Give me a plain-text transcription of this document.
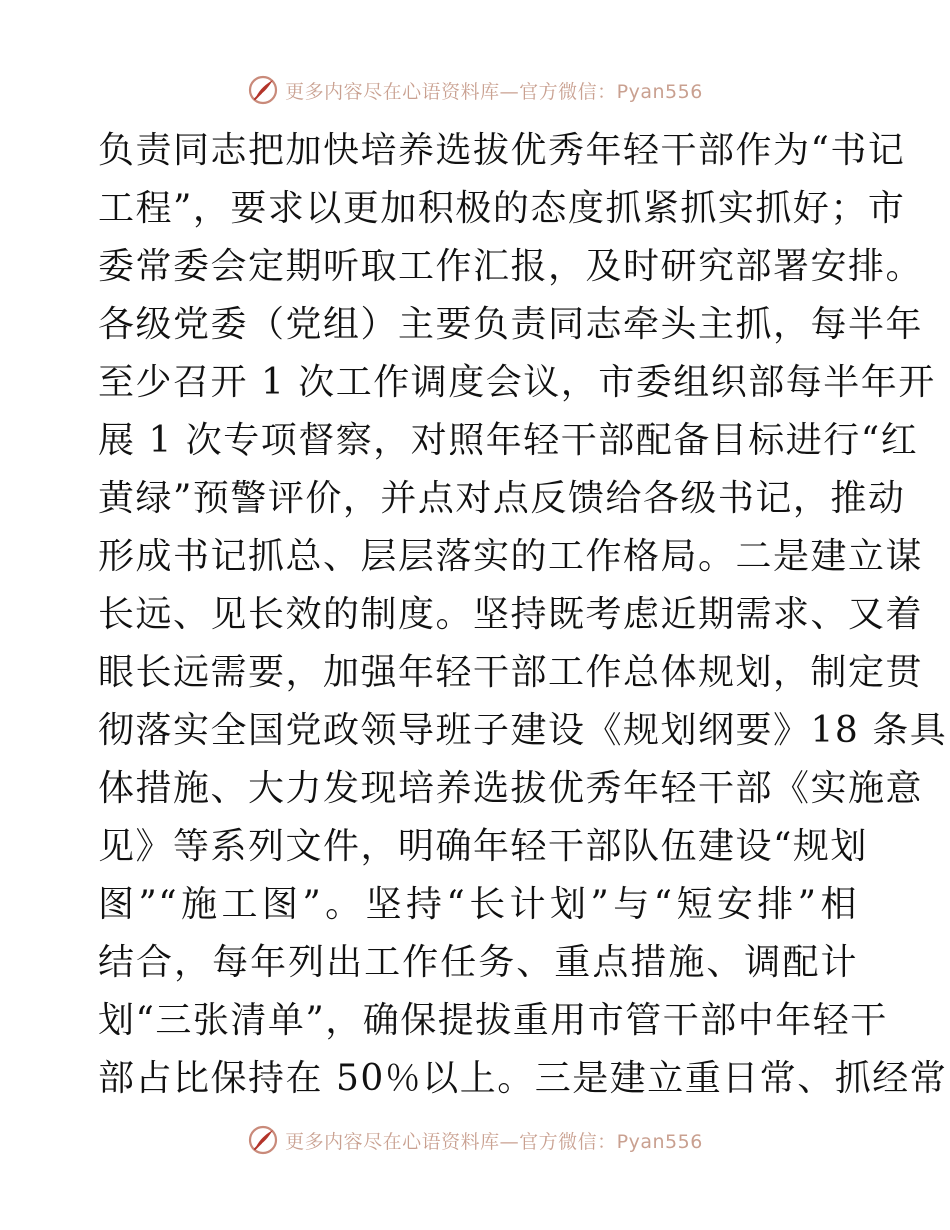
更多内容尽在心语资料库—官方微信：Pyan556
负责同志把加快培养选拔优秀年轻干部作为“书记
工程”，要求以更加积极的态度抓紧抓实抓好；市
委常委会定期听取工作汇报，及时研究部署安排。
各级党委（党组）主要负责同志牵头主抓，每半年
至少召开 1 次工作调度会议，市委组织部每半年开
展 1 次专项督察，对照年轻干部配备目标进行“红
黄绿”预警评价，并点对点反馈给各级书记，推动
形成书记抓总、层层落实的工作格局。二是建立谋
长远、见长效的制度。坚持既考虑近期需求、又着
眼长远需要，加强年轻干部工作总体规划，制定贯
彻落实全国党政领导班子建设《规划纲要》18 条具
体措施、大力发现培养选拔优秀年轻干部《实施意
见》等系列文件，明确年轻干部队伍建设“规划
图”“施工图”。坚持“长计划”与“短安排”相
结合，每年列出工作任务、重点措施、调配计
划“三张清单”，确保提拔重用市管干部中年轻干
部占比保持在 50％以上。三是建立重日常、抓经常
更多内容尽在心语资料库—官方微信：Pyan556
